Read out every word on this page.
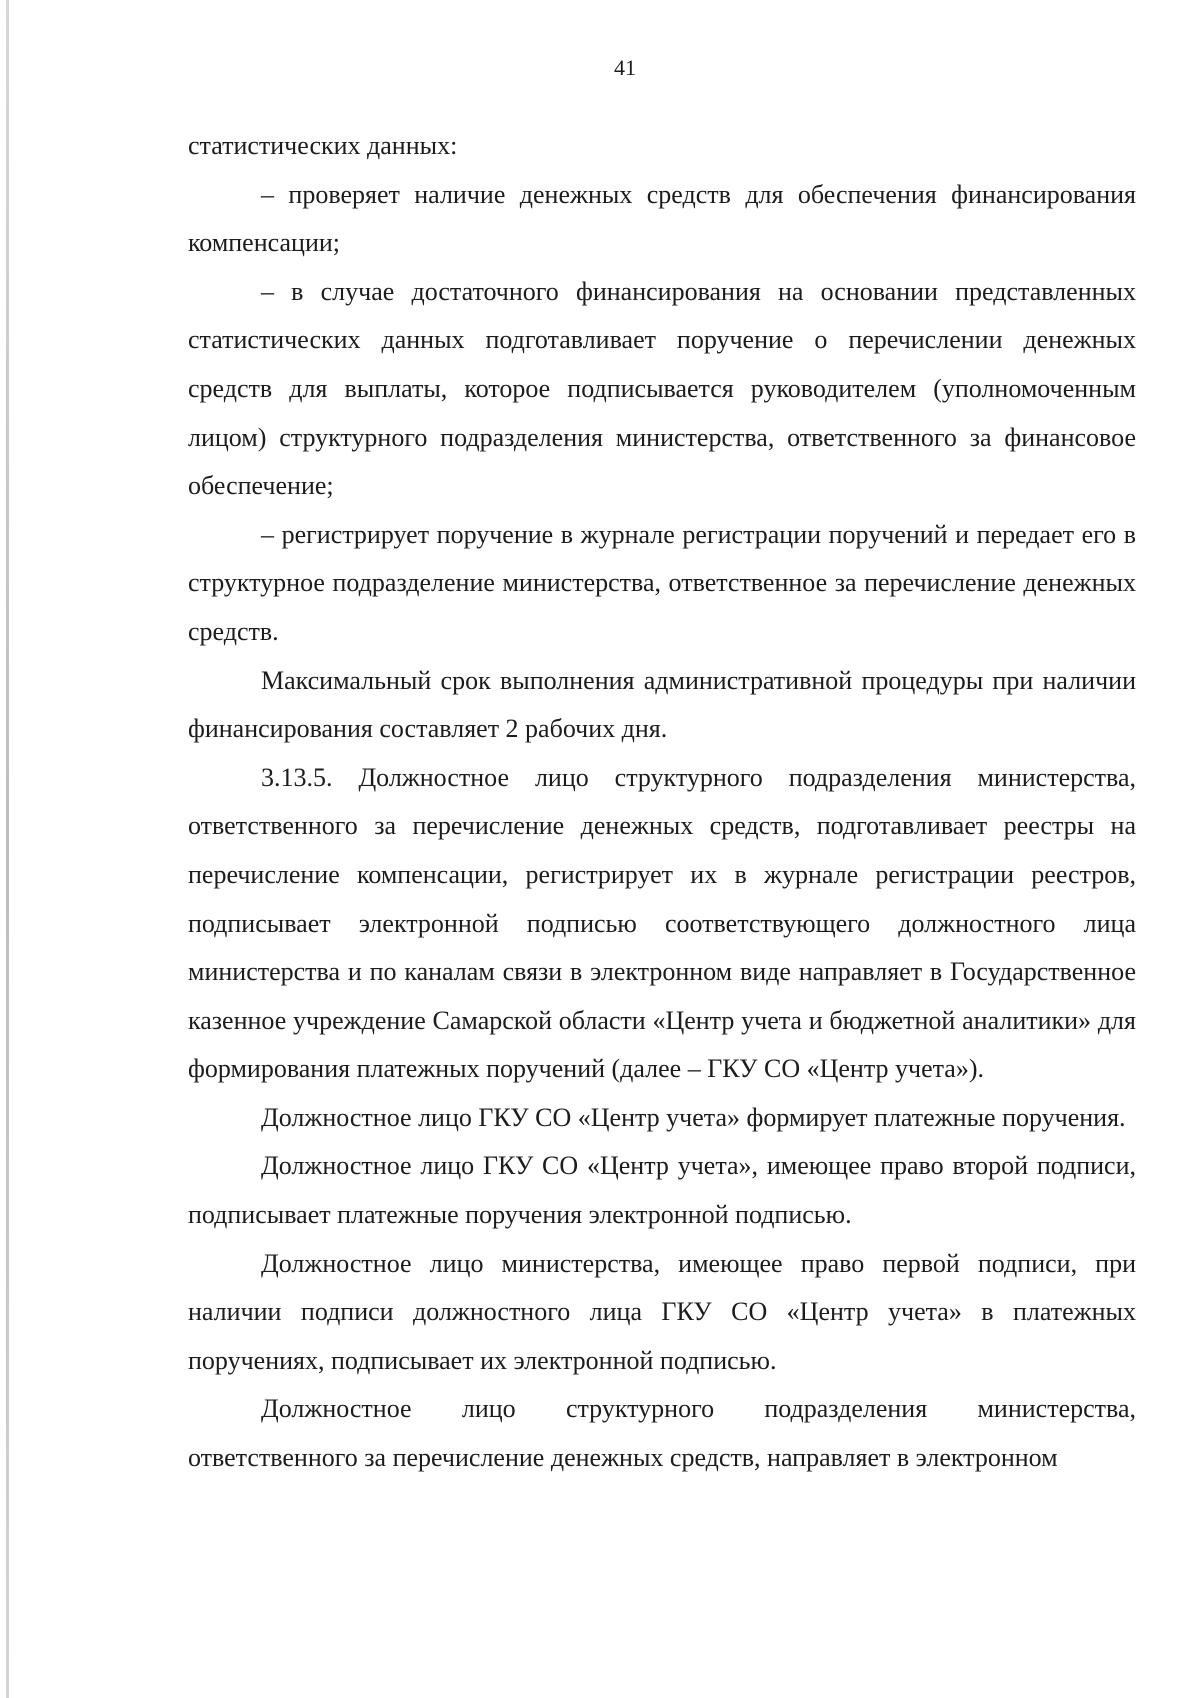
41

статистических данных:

– проверяет наличие денежных средств для обеспечения финансирования компенсации;

– в случае достаточного финансирования на основании представленных статистических данных подготавливает поручение о перечислении денежных средств для выплаты, которое подписывается руководителем (уполномоченным лицом) структурного подразделения министерства, ответственного за финансовое обеспечение;

– регистрирует поручение в журнале регистрации поручений и передает его в структурное подразделение министерства, ответственное за перечисление денежных средств.

Максимальный срок выполнения административной процедуры при наличии финансирования составляет 2 рабочих дня.

3.13.5. Должностное лицо структурного подразделения министерства, ответственного за перечисление денежных средств, подготавливает реестры на перечисление компенсации, регистрирует их в журнале регистрации реестров, подписывает электронной подписью соответствующего должностного лица министерства и по каналам связи в электронном виде направляет в Государственное казенное учреждение Самарской области «Центр учета и бюджетной аналитики» для формирования платежных поручений (далее – ГКУ СО «Центр учета»).

Должностное лицо ГКУ СО «Центр учета» формирует платежные поручения.

Должностное лицо ГКУ СО «Центр учета», имеющее право второй подписи, подписывает платежные поручения электронной подписью.

Должностное лицо министерства, имеющее право первой подписи, при наличии подписи должностного лица ГКУ СО «Центр учета» в платежных поручениях, подписывает их электронной подписью.

Должностное лицо структурного подразделения министерства, ответственного за перечисление денежных средств, направляет в электронном
